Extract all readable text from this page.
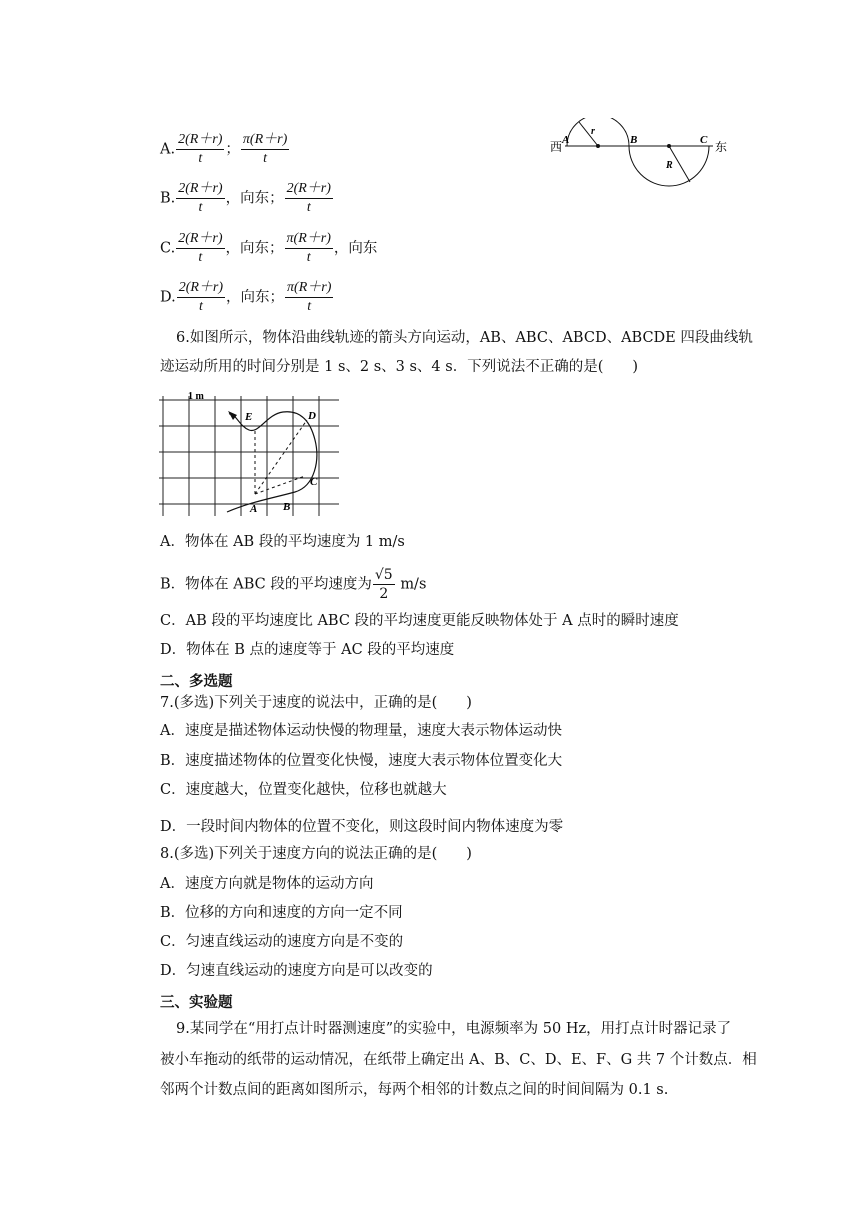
A. $\frac{2(R+r)}{t}$ ； $\frac{\pi(R+r)}{t}$
B. $\frac{2(R+r)}{t}$ ，向东； $\frac{2(R+r)}{t}$
C. $\frac{2(R+r)}{t}$ ，向东； $\frac{\pi(R+r)}{t}$ ，向东
D. $\frac{2(R+r)}{t}$ ，向东； $\frac{\pi(R+r)}{t}$
西	东
A	B	C
r
R
6.如图所示，物体沿曲线轨迹的箭头方向运动，AB、ABC、ABCD、ABCDE 四段曲线轨
迹运动所用的时间分别是 1 s、2 s、3 s、4 s．下列说法不正确的是(　　)
1 m
A B
C
D
E
A．物体在 AB 段的平均速度为 1 m/s
B．物体在 ABC 段的平均速度为 $\frac{√5}{2} m/s$
C．AB 段的平均速度比 ABC 段的平均速度更能反映物体处于 A 点时的瞬时速度
D．物体在 B 点的速度等于 AC 段的平均速度
二、多选题
7.(多选)下列关于速度的说法中，正确的是(　　)
A．速度是描述物体运动快慢的物理量，速度大表示物体运动快
B．速度描述物体的位置变化快慢，速度大表示物体位置变化大
C．速度越大，位置变化越快，位移也就越大
D．一段时间内物体的位置不变化，则这段时间内物体速度为零
8.(多选)下列关于速度方向的说法正确的是(　　)
A．速度方向就是物体的运动方向
B．位移的方向和速度的方向一定不同
C．匀速直线运动的速度方向是不变的
D．匀速直线运动的速度方向是可以改变的
三、实验题
9.某同学在“用打点计时器测速度”的实验中，电源频率为 50 Hz，用打点计时器记录了
被小车拖动的纸带的运动情况，在纸带上确定出 A、B、C、D、E、F、G 共 7 个计数点．相
邻两个计数点间的距离如图所示，每两个相邻的计数点之间的时间间隔为 0.1 s.
